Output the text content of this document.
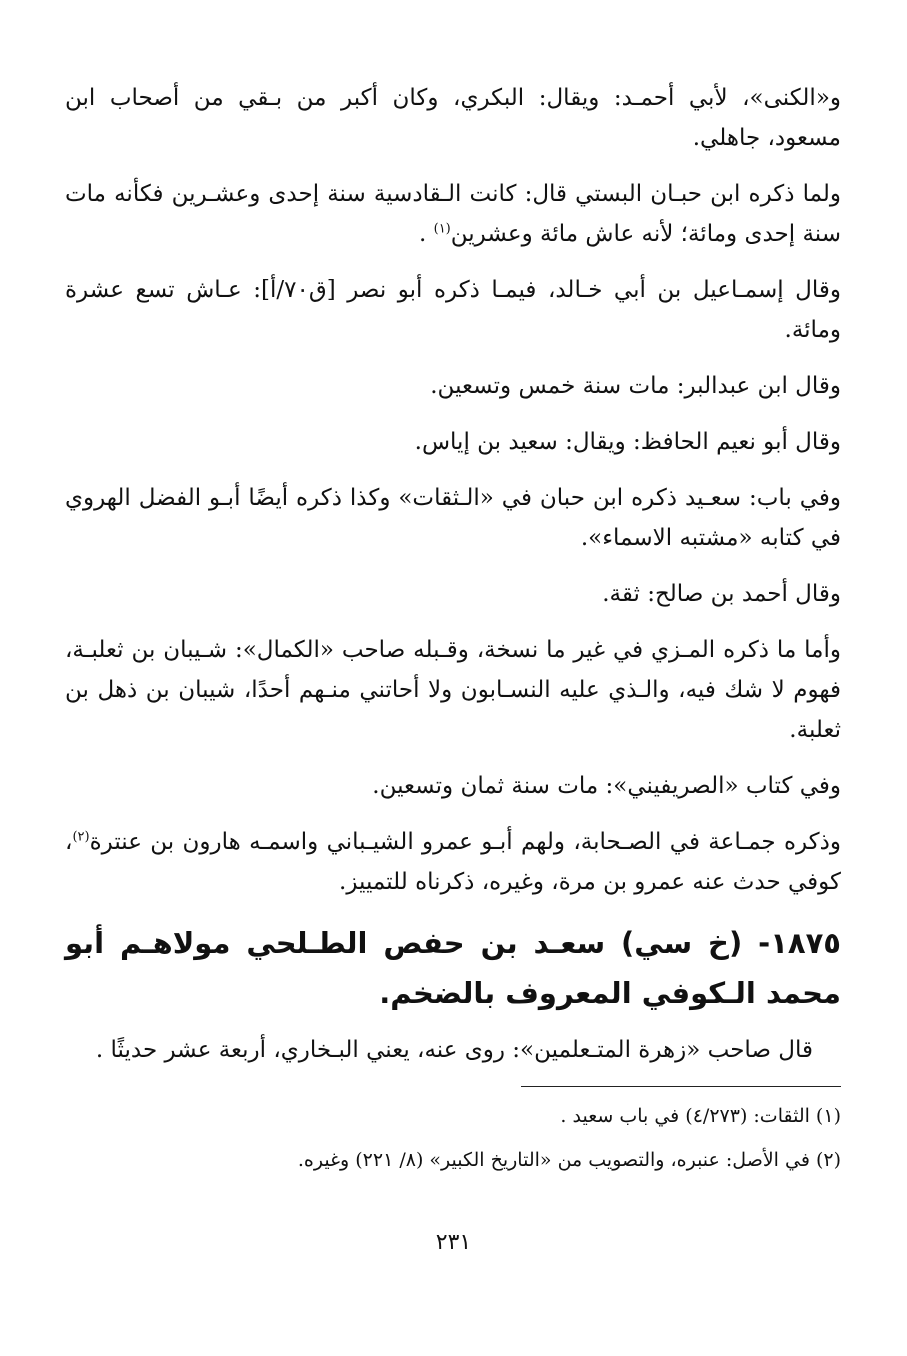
و«الكنى»، لأبي أحمـد: ويقال: البكري، وكان أكبر من بـقي من أصحاب ابن مسعود، جاهلي.

ولما ذكره ابن حبـان البستي قال: كانت الـقادسية سنة إحدى وعشـرين فكأنه مات سنة إحدى ومائة؛ لأنه عاش مائة وعشرين$^{(١)}$ .

وقال إسمـاعيل بن أبي خـالد، فيمـا ذكره أبو نصر [ق٧٠/أ]: عـاش تسع عشرة ومائة.

وقال ابن عبدالبر: مات سنة خمس وتسعين.

وقال أبو نعيم الحافظ: ويقال: سعيد بن إياس.

وفي باب: سعـيد ذكره ابن حبان في «الـثقات» وكذا ذكره أيضًا أبـو الفضل الهروي في كتابه «مشتبه الاسماء».

وقال أحمد بن صالح: ثقة.

وأما ما ذكره المـزي في غير ما نسخة، وقـبله صاحب «الكمال»: شـيبان بن ثعلبـة، فهوم لا شك فيه، والـذي عليه النسـابون ولا أحاتني منـهم أحدًا، شيبان بن ذهل بن ثعلبة.

وفي كتاب «الصريفيني»: مات سنة ثمان وتسعين.

وذكره جمـاعة في الصـحابة، ولهم أبـو عمرو الشيـباني واسمـه هارون بن عنترة$^{(٢)}$، كوفي حدث عنه عمرو بن مرة، وغيره، ذكرناه للتمييز.

١٨٧٥- (خ سي) سعـد بن حفص الطـلحي مولاهـم أبو محمد الـكوفي المعروف بالضخم.

قال صاحب «زهرة المتـعلمين»: روى عنه، يعني البـخاري، أربعة عشر حديثًا .

(١) الثقات: (٤/٢٧٣) في باب سعيد .

(٢) في الأصل: عنبره، والتصويب من «التاريخ الكبير» (٨/ ٢٢١) وغيره.

٢٣١
